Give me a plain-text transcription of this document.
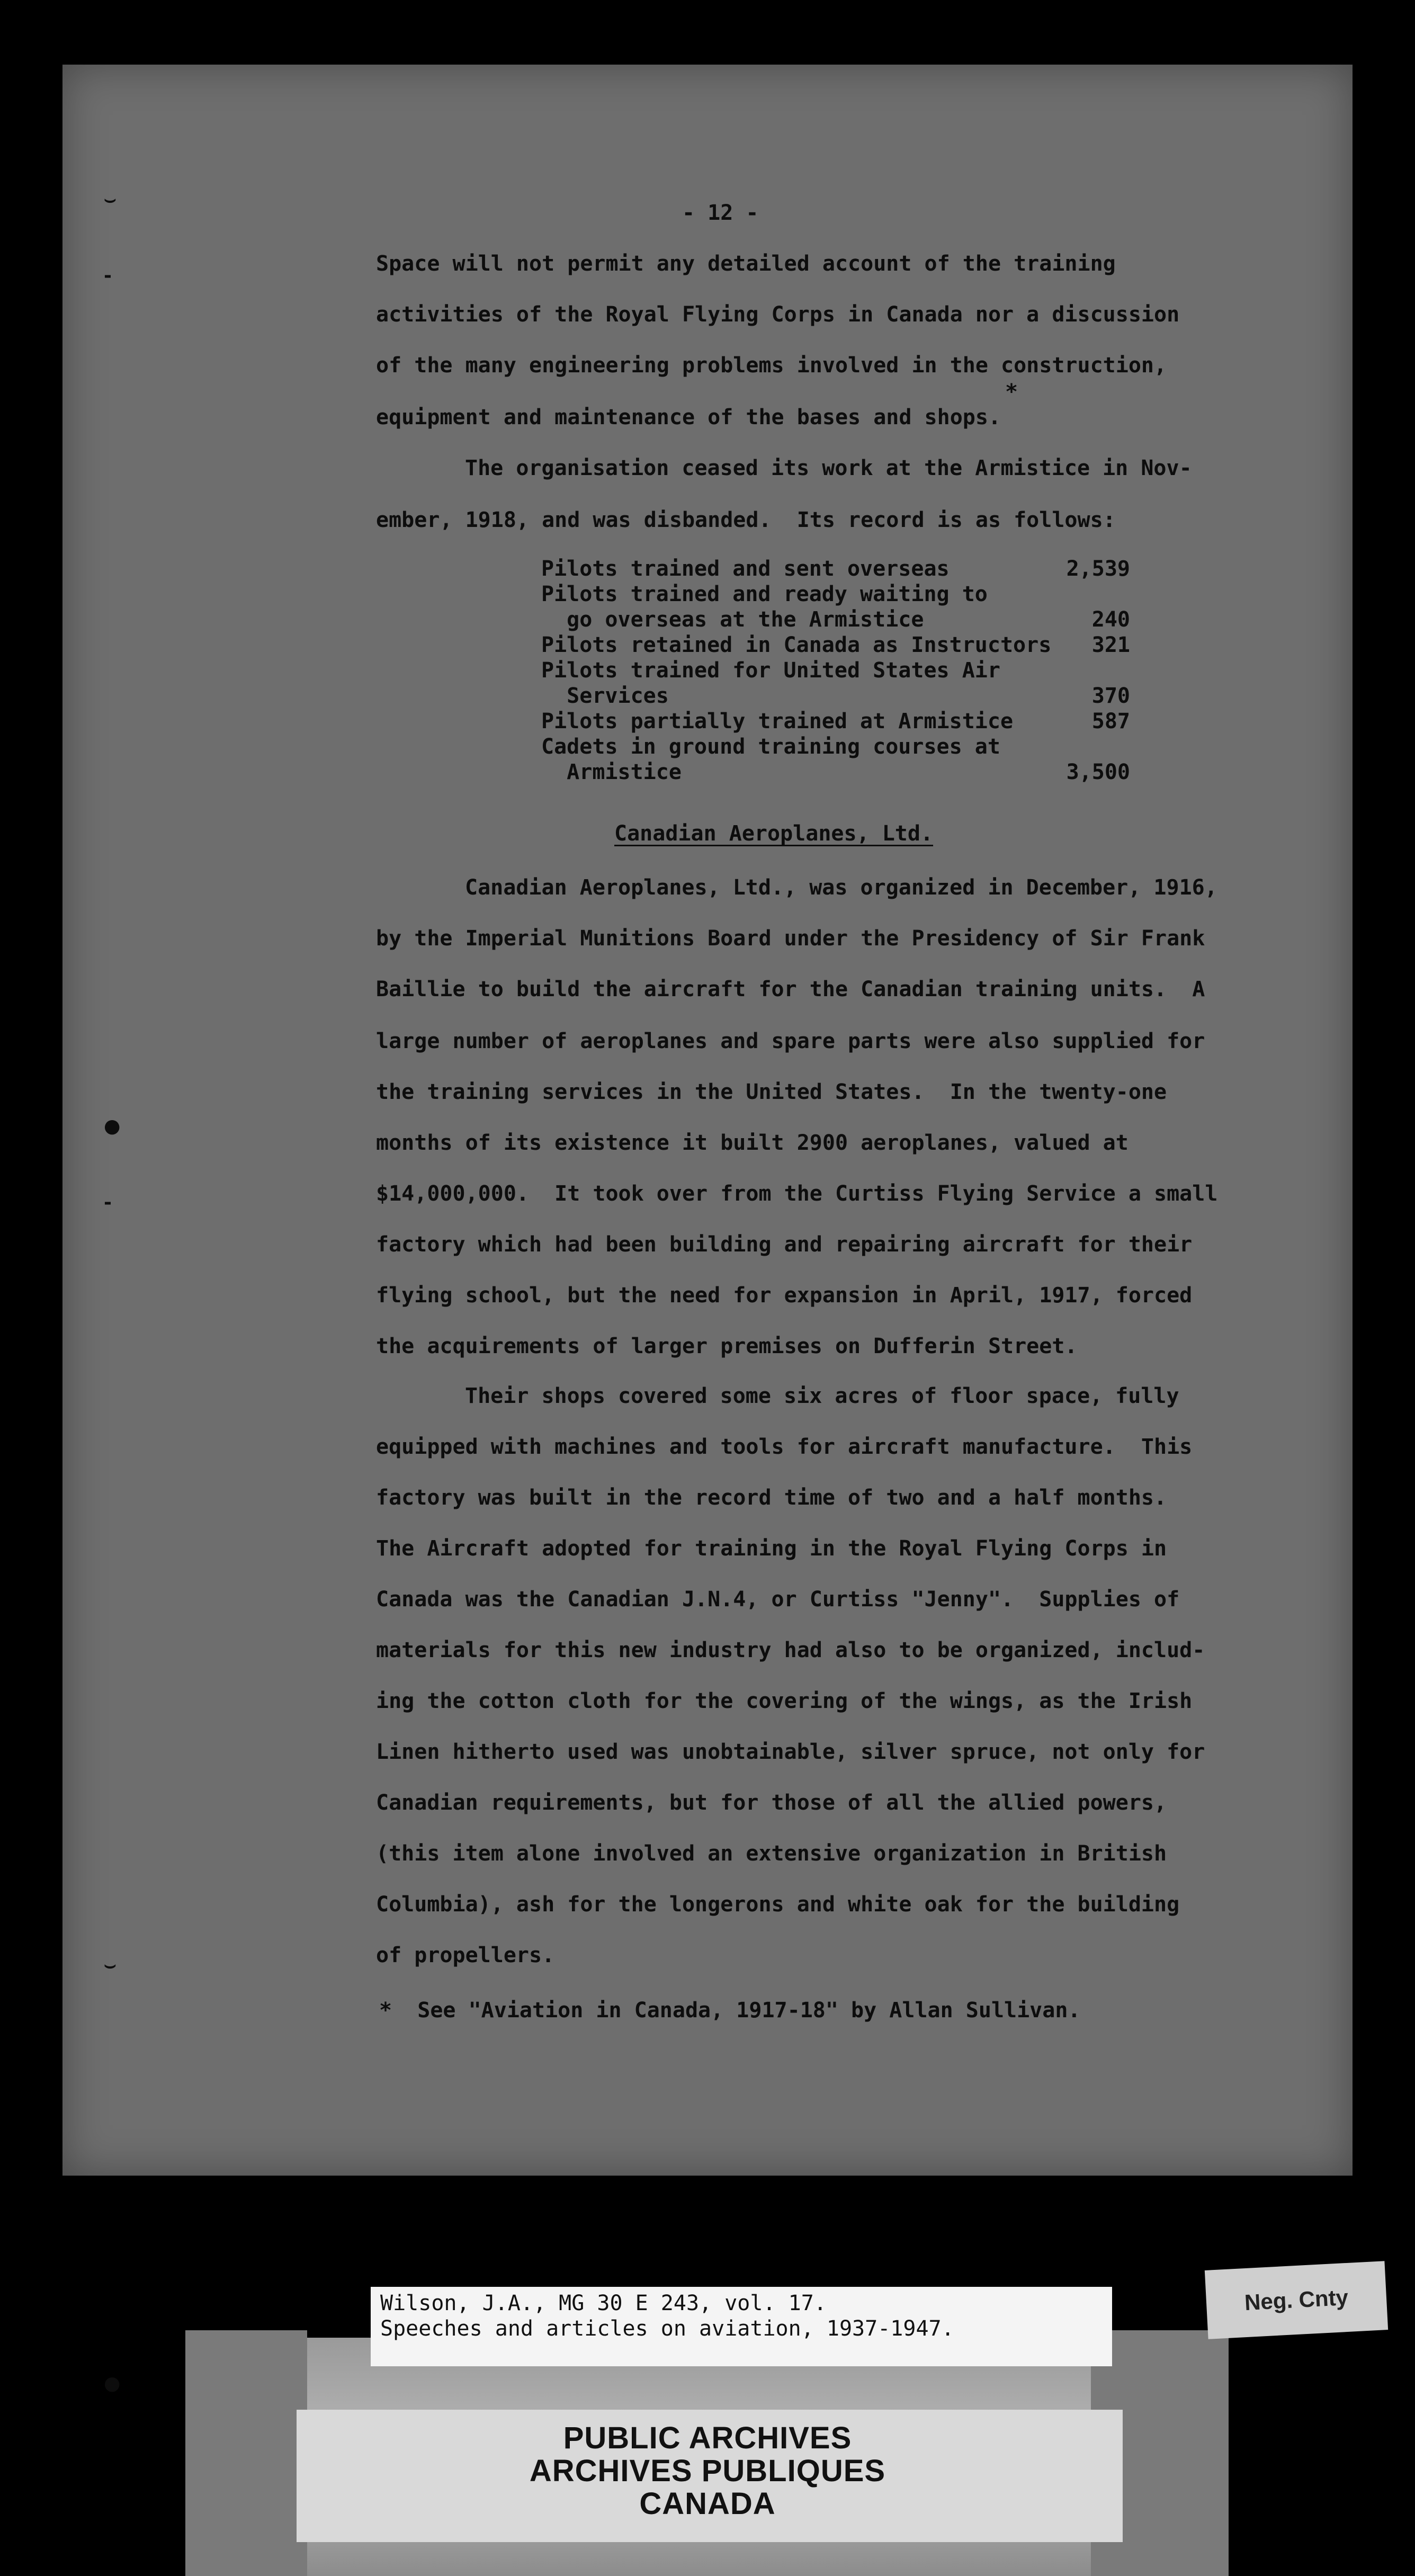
⌣
-
●
-
●
⌣
- 12 -
Space will not permit any detailed account of the training
activities of the Royal Flying Corps in Canada nor a discussion
of the many engineering problems involved in the construction,
*
equipment and maintenance of the bases and shops.
The organisation ceased its work at the Armistice in Nov-
ember, 1918, and was disbanded.  Its record is as follows:
Pilots trained and sent overseas	2,539
Pilots trained and ready waiting to
go overseas at the Armistice	240
Pilots retained in Canada as Instructors	321
Pilots trained for United States Air
Services	370
Pilots partially trained at Armistice	587
Cadets in ground training courses at
Armistice	3,500
Canadian Aeroplanes, Ltd.
Canadian Aeroplanes, Ltd., was organized in December, 1916,
by the Imperial Munitions Board under the Presidency of Sir Frank
Baillie to build the aircraft for the Canadian training units.  A
large number of aeroplanes and spare parts were also supplied for
the training services in the United States.  In the twenty-one
months of its existence it built 2900 aeroplanes, valued at
$14,000,000.  It took over from the Curtiss Flying Service a small
factory which had been building and repairing aircraft for their
flying school, but the need for expansion in April, 1917, forced
the acquirements of larger premises on Dufferin Street.
Their shops covered some six acres of floor space, fully
equipped with machines and tools for aircraft manufacture.  This
factory was built in the record time of two and a half months.
The Aircraft adopted for training in the Royal Flying Corps in
Canada was the Canadian J.N.4, or Curtiss "Jenny".  Supplies of
materials for this new industry had also to be organized, includ-
ing the cotton cloth for the covering of the wings, as the Irish
Linen hitherto used was unobtainable, silver spruce, not only for
Canadian requirements, but for those of all the allied powers,
(this item alone involved an extensive organization in British
Columbia), ash for the longerons and white oak for the building
of propellers.
*  See "Aviation in Canada, 1917-18" by Allan Sullivan.
Wilson, J.A., MG 30 E 243, vol. 17.
Speeches and articles on aviation, 1937-1947.
Neg. Cnty
PUBLIC ARCHIVES
ARCHIVES PUBLIQUES
CANADA
